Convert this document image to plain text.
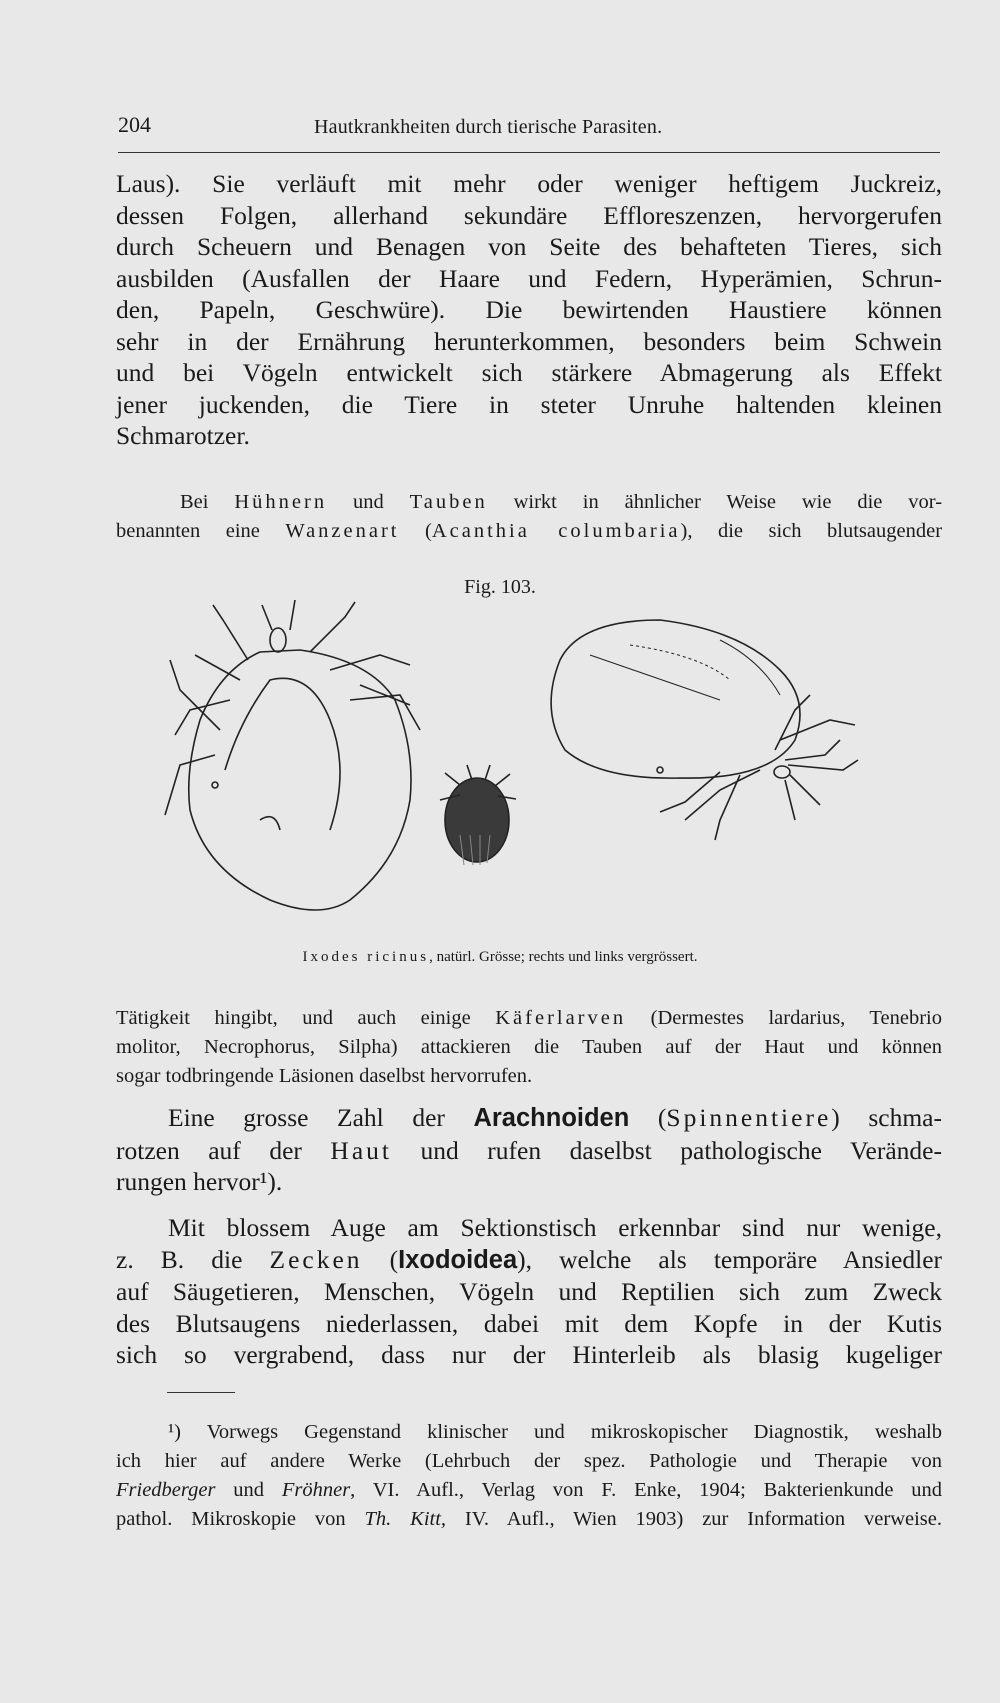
204	Hautkrankheiten durch tierische Parasiten.
Laus). Sie verläuft mit mehr oder weniger heftigem Juckreiz,
dessen Folgen, allerhand sekundäre Effloreszenzen, hervorgerufen
durch Scheuern und Benagen von Seite des behafteten Tieres, sich
ausbilden (Ausfallen der Haare und Federn, Hyperämien, Schrun-
den, Papeln, Geschwüre). Die bewirtenden Haustiere können
sehr in der Ernährung herunterkommen, besonders beim Schwein
und bei Vögeln entwickelt sich stärkere Abmagerung als Effekt
jener juckenden, die Tiere in steter Unruhe haltenden kleinen
Schmarotzer.
Bei Hühnern und Tauben wirkt in ähnlicher Weise wie die vor-
benannten eine Wanzenart (Acanthia columbaria), die sich blutsaugender
Fig. 103.
Ixodes ricinus, natürl. Grösse; rechts und links vergrössert.
Tätigkeit hingibt, und auch einige Käferlarven (Dermestes lardarius, Tenebrio
molitor, Necrophorus, Silpha) attackieren die Tauben auf der Haut und können
sogar todbringende Läsionen daselbst hervorrufen.
Eine grosse Zahl der Arachnoiden (Spinnentiere) schma-
rotzen auf der Haut und rufen daselbst pathologische Verände-
rungen hervor¹).
Mit blossem Auge am Sektionstisch erkennbar sind nur wenige,
z. B. die Zecken (Ixodoidea), welche als temporäre Ansiedler
auf Säugetieren, Menschen, Vögeln und Reptilien sich zum Zweck
des Blutsaugens niederlassen, dabei mit dem Kopfe in der Kutis
sich so vergrabend, dass nur der Hinterleib als blasig kugeliger
¹) Vorwegs Gegenstand klinischer und mikroskopischer Diagnostik, weshalb
ich hier auf andere Werke (Lehrbuch der spez. Pathologie und Therapie von
Friedberger und Fröhner, VI. Aufl., Verlag von F. Enke, 1904; Bakterienkunde und
pathol. Mikroskopie von Th. Kitt, IV. Aufl., Wien 1903) zur Information verweise.
